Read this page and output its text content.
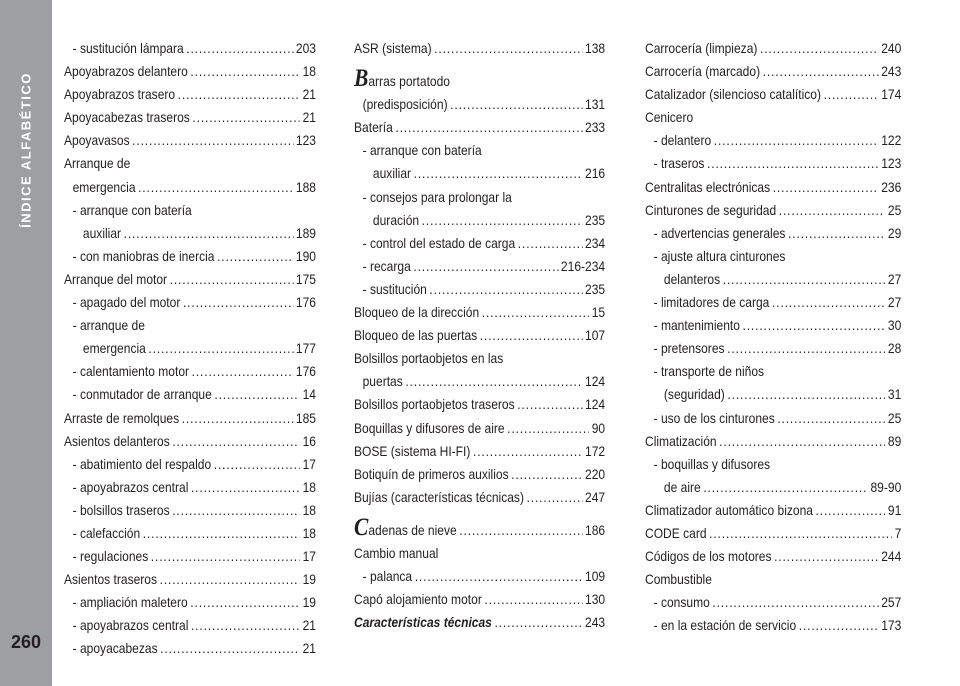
ÍNDICE ALFABÉTICO
260
- sustitución lámpara .....	203
Apoyabrazos delantero .....	18
Apoyabrazos trasero .....	21
Apoyacabezas traseros .....	21
Apoyavasos .....	123
Arranque de
emergencia .....	188
- arranque con batería
auxiliar .....	189
- con maniobras de inercia .....	190
Arranque del motor .....	175
- apagado del motor .....	176
- arranque de
emergencia .....	177
- calentamiento motor .....	176
- conmutador de arranque .....	14
Arraste de remolques .....	185
Asientos delanteros .....	16
- abatimiento del respaldo .....	17
- apoyabrazos central .....	18
- bolsillos traseros .....	18
- calefacción .....	18
- regulaciones .....	17
Asientos traseros .....	19
- ampliación maletero .....	19
- apoyabrazos central .....	21
- apoyacabezas .....	21
ASR (sistema) .....	138
Barras portatodo
(predisposición) .....	131
Batería .....	233
- arranque con batería
auxiliar .....	216
- consejos para prolongar la
duración .....	235
- control del estado de carga .....	234
- recarga .....	216-234
- sustitución .....	235
Bloqueo de la dirección .....	15
Bloqueo de las puertas .....	107
Bolsillos portaobjetos en las
puertas .....	124
Bolsillos portaobjetos traseros .....	124
Boquillas y difusores de aire .....	90
BOSE (sistema HI-FI) .....	172
Botiquín de primeros auxilios .....	220
Bujías (características técnicas) .....	247
Cadenas de nieve .....	186
Cambio manual
- palanca .....	109
Capó alojamiento motor .....	130
Características técnicas .....	243
Carrocería (limpieza) .....	240
Carrocería (marcado) .....	243
Catalizador (silencioso catalítico) .....	174
Cenicero
- delantero .....	122
- traseros .....	123
Centralitas electrónicas .....	236
Cinturones de seguridad .....	25
- advertencias generales .....	29
- ajuste altura cinturones
delanteros .....	27
- limitadores de carga .....	27
- mantenimiento .....	30
- pretensores .....	28
- transporte de niños
(seguridad) .....	31
- uso de los cinturones .....	25
Climatización .....	89
- boquillas y difusores
de aire .....	89-90
Climatizador automático bizona .....	91
CODE card .....	7
Códigos de los motores .....	244
Combustible
- consumo .....	257
- en la estación de servicio .....	173
